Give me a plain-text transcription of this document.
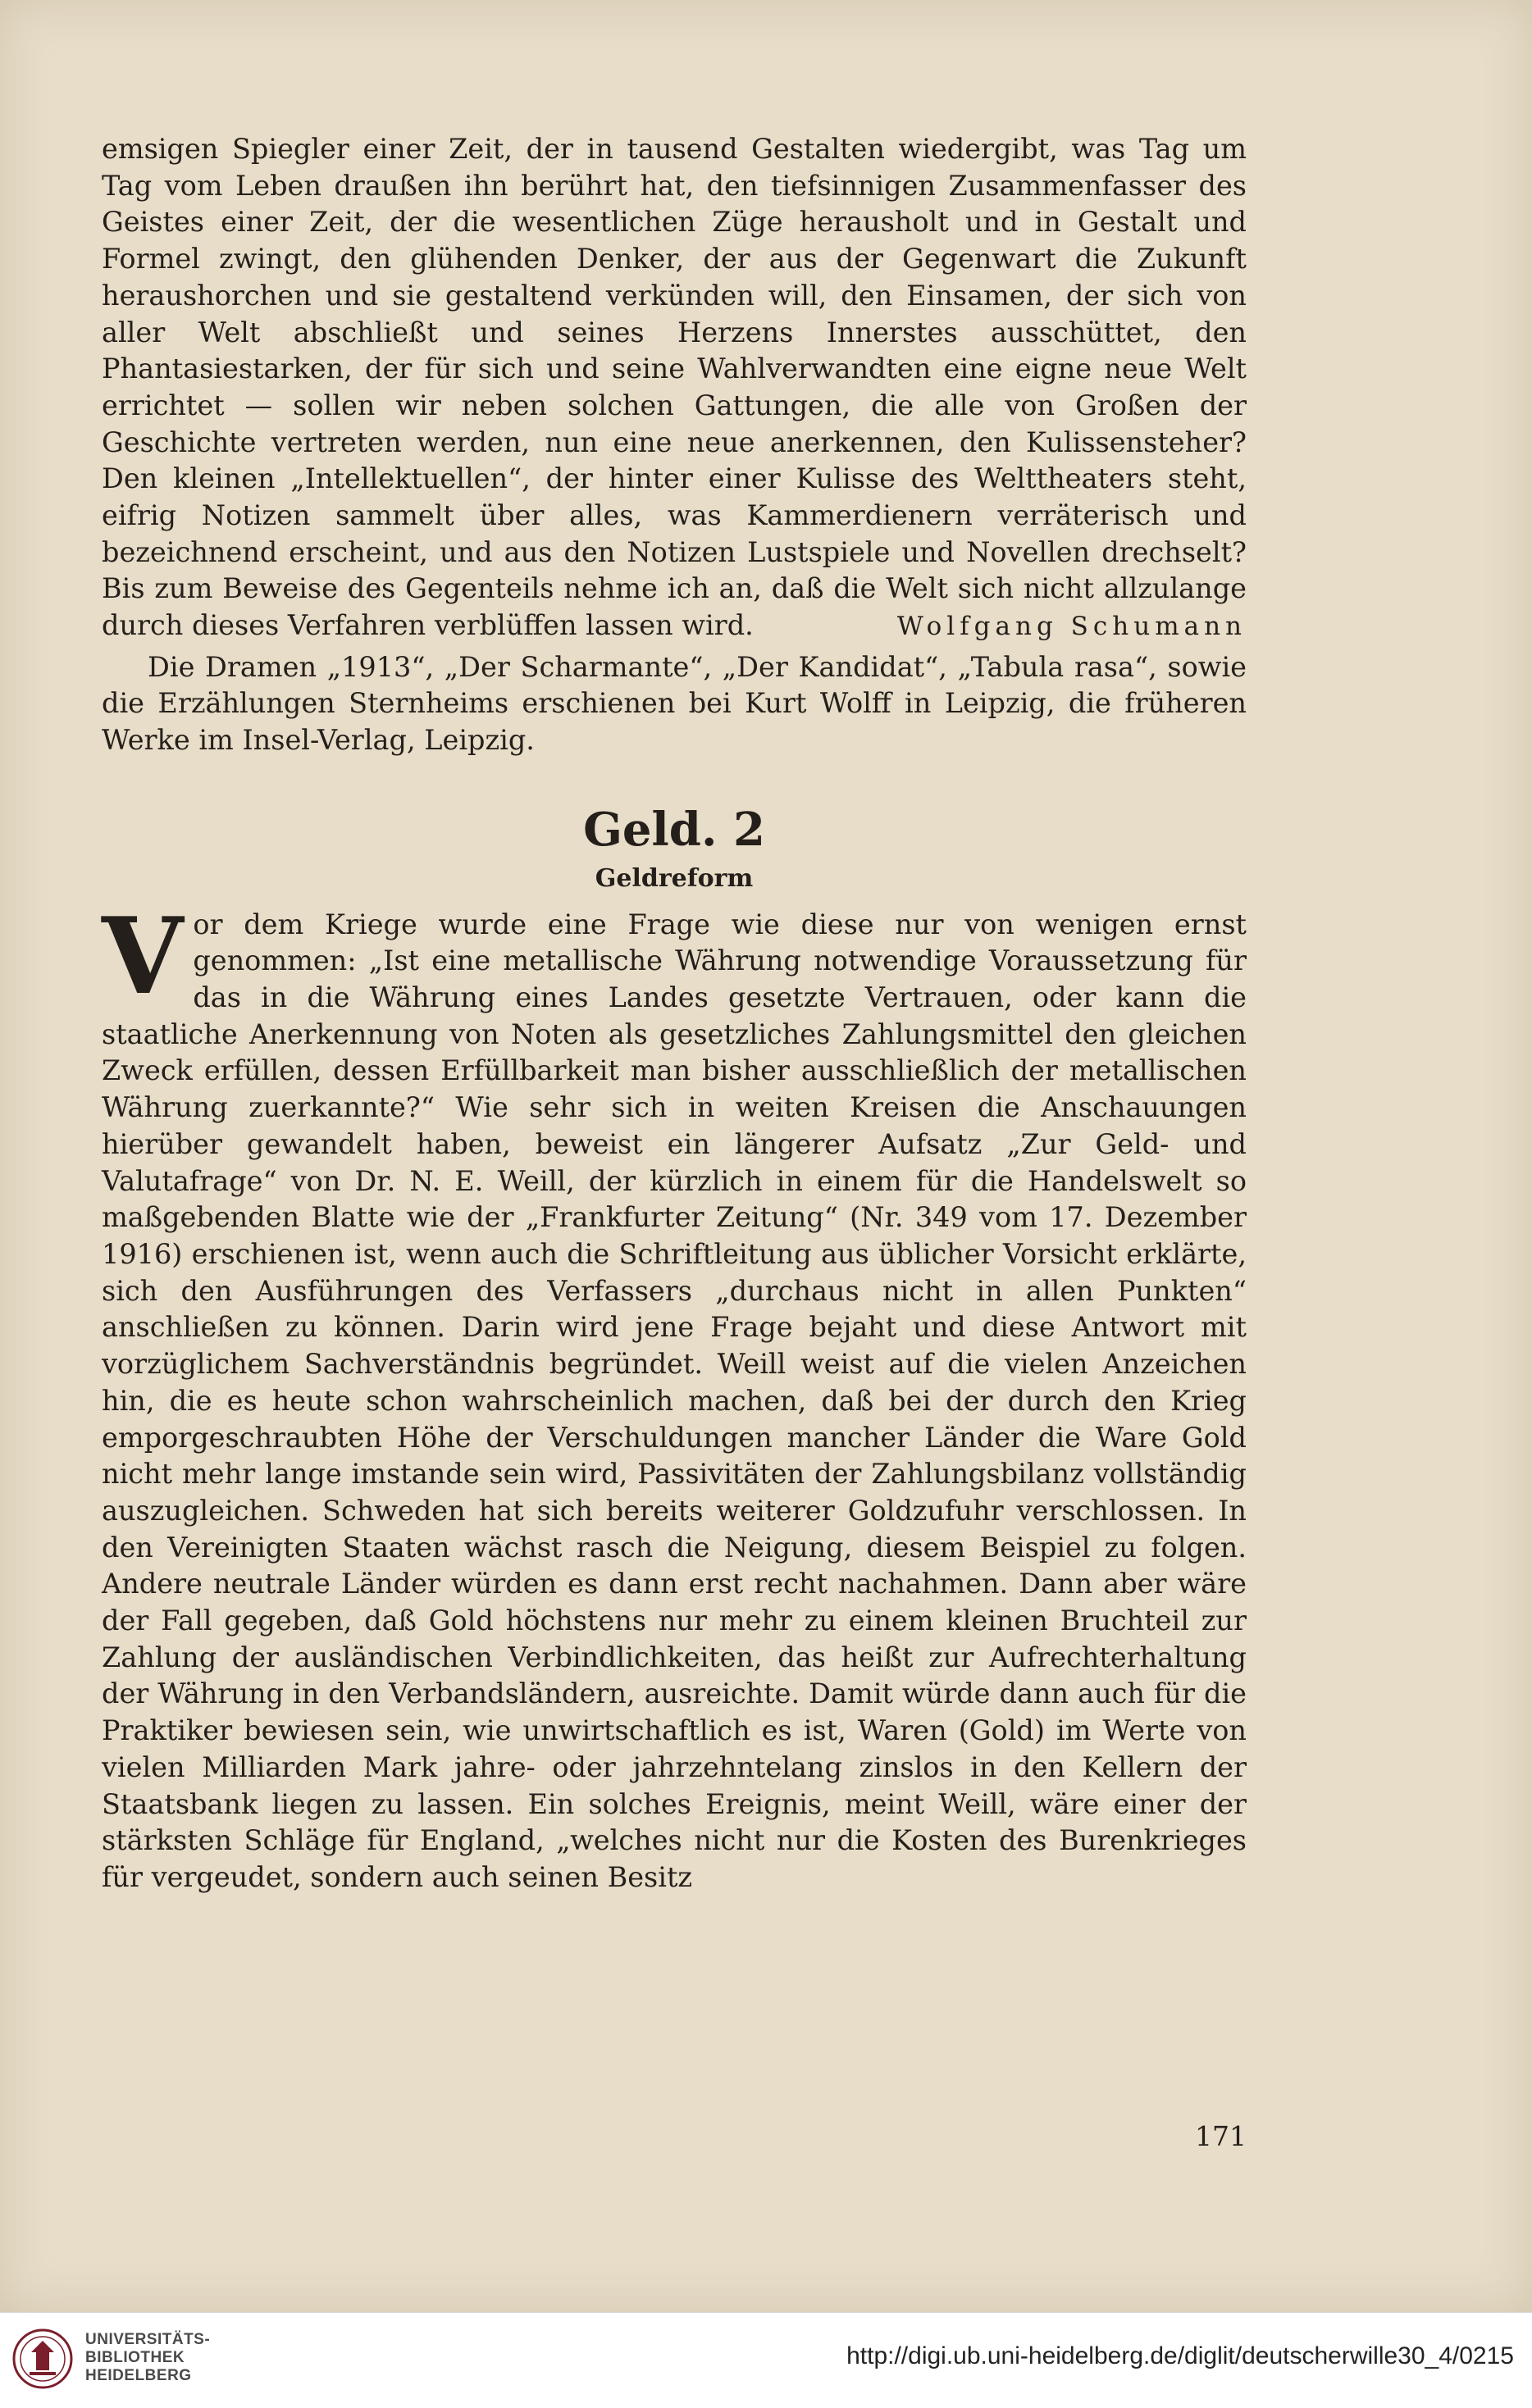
emsigen Spiegler einer Zeit, der in tausend Gestalten wiedergibt, was Tag um Tag vom Leben draußen ihn berührt hat, den tiefsinnigen Zusammenfasser des Geistes einer Zeit, der die wesentlichen Züge herausholt und in Gestalt und Formel zwingt, den glühenden Denker, der aus der Gegenwart die Zukunft heraushorchen und sie gestaltend verkünden will, den Einsamen, der sich von aller Welt abschließt und seines Herzens Innerstes ausschüttet, den Phantasiestarken, der für sich und seine Wahlverwandten eine eigne neue Welt errichtet — sollen wir neben solchen Gattungen, die alle von Großen der Geschichte vertreten werden, nun eine neue anerkennen, den Kulissensteher? Den kleinen „Intellektuellen“, der hinter einer Kulisse des Welttheaters steht, eifrig Notizen sammelt über alles, was Kammerdienern verräterisch und bezeichnend erscheint, und aus den Notizen Lustspiele und Novellen drechselt? Bis zum Beweise des Gegenteils nehme ich an, daß die Welt sich nicht allzulange durch dieses Verfahren verblüffen lassen wird.	Wolfgang Schumann

Die Dramen „1913“, „Der Scharmante“, „Der Kandidat“, „Tabula rasa“, sowie die Erzählungen Sternheims erschienen bei Kurt Wolff in Leipzig, die früheren Werke im Insel-Verlag, Leipzig.

Geld. 2
Geldreform

V or dem Kriege wurde eine Frage wie diese nur von wenigen ernst genommen: „Ist eine metallische Währung notwendige Voraussetzung für das in die Währung eines Landes gesetzte Vertrauen, oder kann die staatliche Anerkennung von Noten als gesetzliches Zahlungsmittel den gleichen Zweck erfüllen, dessen Erfüllbarkeit man bisher ausschließlich der metallischen Währung zuerkannte?“ Wie sehr sich in weiten Kreisen die Anschauungen hierüber gewandelt haben, beweist ein längerer Aufsatz „Zur Geld- und Valutafrage“ von Dr. N. E. Weill, der kürzlich in einem für die Handelswelt so maßgebenden Blatte wie der „Frankfurter Zeitung“ (Nr. 349 vom 17. Dezember 1916) erschienen ist, wenn auch die Schriftleitung aus üblicher Vorsicht erklärte, sich den Ausführungen des Verfassers „durchaus nicht in allen Punkten“ anschließen zu können. Darin wird jene Frage bejaht und diese Antwort mit vorzüglichem Sachverständnis begründet. Weill weist auf die vielen Anzeichen hin, die es heute schon wahrscheinlich machen, daß bei der durch den Krieg emporgeschraubten Höhe der Verschuldungen mancher Länder die Ware Gold nicht mehr lange imstande sein wird, Passivitäten der Zahlungsbilanz vollständig auszugleichen. Schweden hat sich bereits weiterer Goldzufuhr verschlossen. In den Vereinigten Staaten wächst rasch die Neigung, diesem Beispiel zu folgen. Andere neutrale Länder würden es dann erst recht nachahmen. Dann aber wäre der Fall gegeben, daß Gold höchstens nur mehr zu einem kleinen Bruchteil zur Zahlung der ausländischen Verbindlichkeiten, das heißt zur Aufrechterhaltung der Währung in den Verbandsländern, ausreichte. Damit würde dann auch für die Praktiker bewiesen sein, wie unwirtschaftlich es ist, Waren (Gold) im Werte von vielen Milliarden Mark jahre- oder jahrzehntelang zinslos in den Kellern der Staatsbank liegen zu lassen. Ein solches Ereignis, meint Weill, wäre einer der stärksten Schläge für England, „welches nicht nur die Kosten des Burenkrieges für vergeudet, sondern auch seinen Besitz

171
UNIVERSITÄTS-
BIBLIOTHEK
HEIDELBERG
http://digi.ub.uni-heidelberg.de/diglit/deutscherwille30_4/0215
